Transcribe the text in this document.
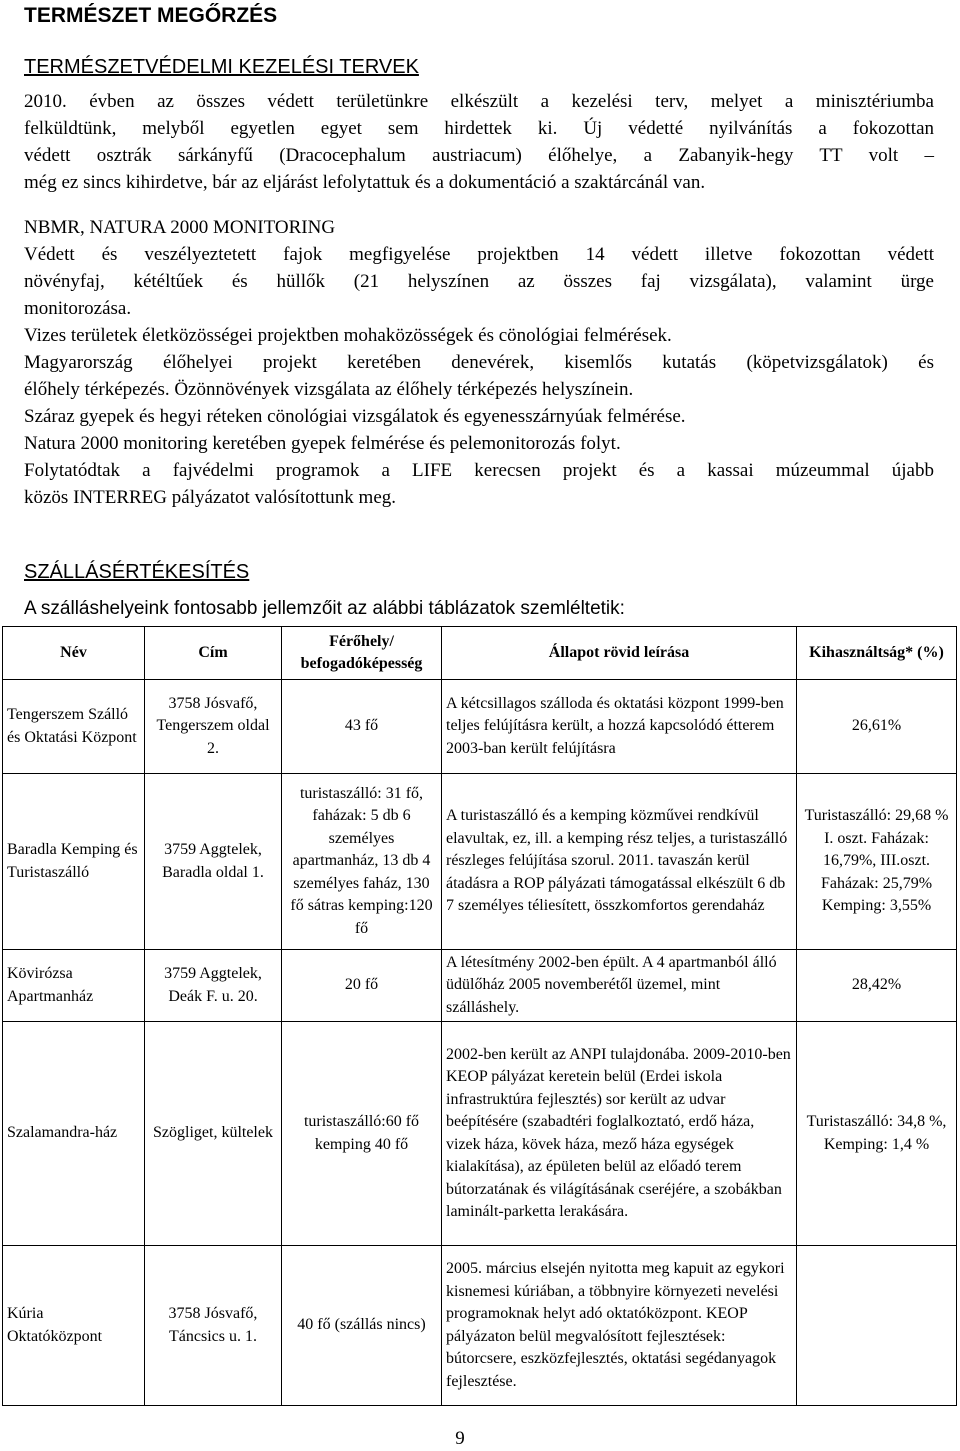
TERMÉSZET MEGŐRZÉS
TERMÉSZETVÉDELMI KEZELÉSI TERVEK
2010. évben az összes védett területünkre elkészült a kezelési terv, melyet a minisztériumba
felküldtünk, melyből egyetlen egyet sem hirdettek ki. Új védetté nyilvánítás a fokozottan
védett osztrák sárkányfű (Dracocephalum austriacum) élőhelye, a Zabanyik-hegy TT volt –
még ez sincs kihirdetve, bár az eljárást lefolytattuk és a dokumentáció a szaktárcánál van.
NBMR, NATURA 2000 MONITORING
Védett és veszélyeztetett fajok megfigyelése projektben 14 védett illetve fokozottan védett
növényfaj, kétéltűek és hüllők (21 helyszínen az összes faj vizsgálata), valamint ürge
monitorozása.
Vizes területek életközösségei projektben mohaközösségek és cönológiai felmérések.
Magyarország élőhelyei projekt keretében denevérek, kisemlős kutatás (köpetvizsgálatok) és
élőhely térképezés. Özönnövények vizsgálata az élőhely térképezés helyszínein.
Száraz gyepek és hegyi réteken cönológiai vizsgálatok és egyenesszárnyúak felmérése.
Natura 2000 monitoring keretében gyepek felmérése és pelemonitorozás folyt.
Folytatódtak a fajvédelmi programok a LIFE kerecsen projekt és a kassai múzeummal újabb
közös INTERREG pályázatot valósítottunk meg.
SZÁLLÁSÉRTÉKESÍTÉS
A szálláshelyeink fontosabb jellemzőit az alábbi táblázatok szemléltetik:
Név	Cím	Férőhely/ befogadóképesség	Állapot rövid leírása	Kihasználtság* (%)
Tengerszem Szálló és Oktatási Központ	3758 Jósvafő, Tengerszem oldal 2.	43 fő	A kétcsillagos szálloda és oktatási központ 1999-ben teljes felújításra került, a hozzá kapcsolódó étterem 2003-ban került felújításra	26,61%
Baradla Kemping és Turistaszálló	3759 Aggtelek, Baradla oldal 1.	turistaszálló: 31 fő, faházak: 5 db 6 személyes apartmanház, 13 db 4 személyes faház, 130 fő sátras kemping:120 fő	A turistaszálló és a kemping közművei rendkívül elavultak, ez, ill. a kemping rész teljes, a turistaszálló részleges felújítása szorul. 2011. tavaszán kerül átadásra a ROP pályázati támogatással elkészült 6 db 7 személyes téliesített, összkomfortos gerendaház	Turistaszálló: 29,68 % I. oszt. Faházak: 16,79%, III.oszt. Faházak: 25,79% Kemping: 3,55%
Kövirózsa Apartmanház	3759 Aggtelek, Deák F. u. 20.	20 fő	A létesítmény 2002-ben épült. A 4 apartmanból álló üdülőház 2005 novemberétől üzemel, mint szálláshely.	28,42%
Szalamandra-ház	Szögliget, kültelek	turistaszálló:60 fő kemping 40 fő	2002-ben került az ANPI tulajdonába. 2009-2010-ben KEOP pályázat keretein belül (Erdei iskola infrastruktúra fejlesztés) sor került az udvar beépítésére (szabadtéri foglalkoztató, erdő háza, vizek háza, kövek háza, mező háza egységek kialakítása), az épületen belül az előadó terem bútorzatának és világításának cseréjére, a szobákban laminált-parketta lerakására.	Turistaszálló: 34,8 %, Kemping: 1,4 %
Kúria Oktatóközpont	3758 Jósvafő, Táncsics u. 1.	40 fő (szállás nincs)	2005. március elsején nyitotta meg kapuit az egykori kisnemesi kúriában, a többnyire környezeti nevelési programoknak helyt adó oktatóközpont. KEOP pályázaton belül megvalósított fejlesztések: bútorcsere, eszközfejlesztés, oktatási segédanyagok fejlesztése.	
9
